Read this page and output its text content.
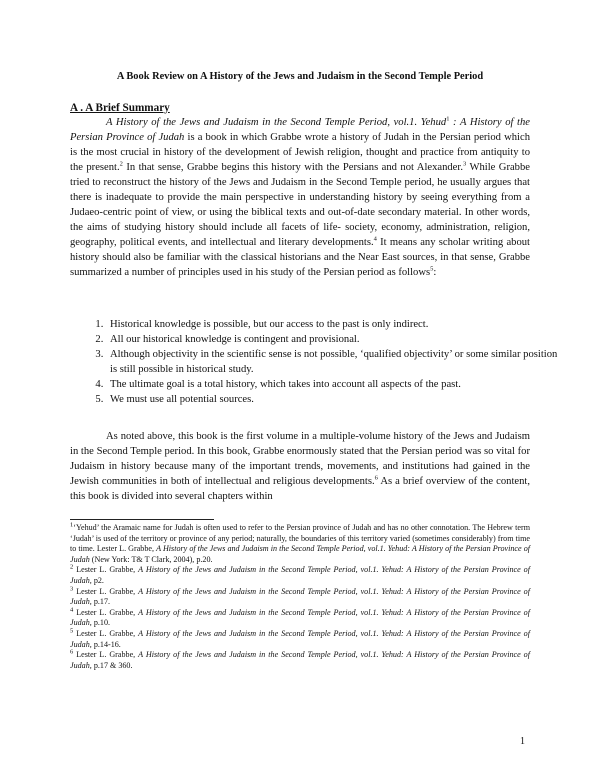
A Book Review on A History of the Jews and Judaism in the Second Temple Period
A . A Brief Summary

A History of the Jews and Judaism in the Second Temple Period, vol.1. Yehud$^1$ : A History of the Persian Province of Judah is a book in which Grabbe wrote a history of Judah in the Persian period which is the most crucial in history of the development of Jewish religion, thought and practice from antiquity to the present.$^2$ In that sense, Grabbe begins this history with the Persians and not Alexander.$^3$ While Grabbe tried to reconstruct the history of the Jews and Judaism in the Second Temple period, he usually argues that there is inadequate to provide the main perspective in understanding history by seeing everything from a Judaeo-centric point of view, or using the biblical texts and out-of-date secondary material. In other words, the aims of studying history should include all facets of life- society, economy, administration, religion, geography, political events, and intellectual and literary developments.$^4$ It means any scholar writing about history should also be familiar with the classical historians and the Near East sources, in that sense, Grabbe summarized a number of principles used in his study of the Persian period as follows$^5$:

1. Historical knowledge is possible, but our access to the past is only indirect.
2. All our historical knowledge is contingent and provisional.
3. Although objectivity in the scientific sense is not possible, ‘qualified objectivity’ or some similar position is still possible in historical study.
4. The ultimate goal is a total history, which takes into account all aspects of the past.
5. We must use all potential sources.

As noted above, this book is the first volume in a multiple-volume history of the Jews and Judaism in the Second Temple period. In this book, Grabbe enormously stated that the Persian period was so vital for Judaism in history because many of the important trends, movements, and institutions had gained in the Jewish communities in both of intellectual and religious developments.$^6$ As a brief overview of the content, this book is divided into several chapters within

$^1$‘Yehud’ the Aramaic name for Judah is often used to refer to the Persian province of Judah and has no other connotation. The Hebrew term ‘Judah’ is used of the territory or province of any period; naturally, the boundaries of this territory varied (sometimes considerably) from time to time. Lester L. Grabbe, A History of the Jews and Judaism in the Second Temple Period, vol.1. Yehud: A History of the Persian Province of Judah (New York: T& T Clark, 2004), p.20.

$^2$ Lester L. Grabbe, A History of the Jews and Judaism in the Second Temple Period, vol.1. Yehud: A History of the Persian Province of Judah, p2.

$^3$ Lester L. Grabbe, A History of the Jews and Judaism in the Second Temple Period, vol.1. Yehud: A History of the Persian Province of Judah, p.17.

$^4$ Lester L. Grabbe, A History of the Jews and Judaism in the Second Temple Period, vol.1. Yehud: A History of the Persian Province of Judah, p.10.

$^5$ Lester L. Grabbe, A History of the Jews and Judaism in the Second Temple Period, vol.1. Yehud: A History of the Persian Province of Judah, p.14-16.

$^6$ Lester L. Grabbe, A History of the Jews and Judaism in the Second Temple Period, vol.1. Yehud: A History of the Persian Province of Judah, p.17 & 360.

1
